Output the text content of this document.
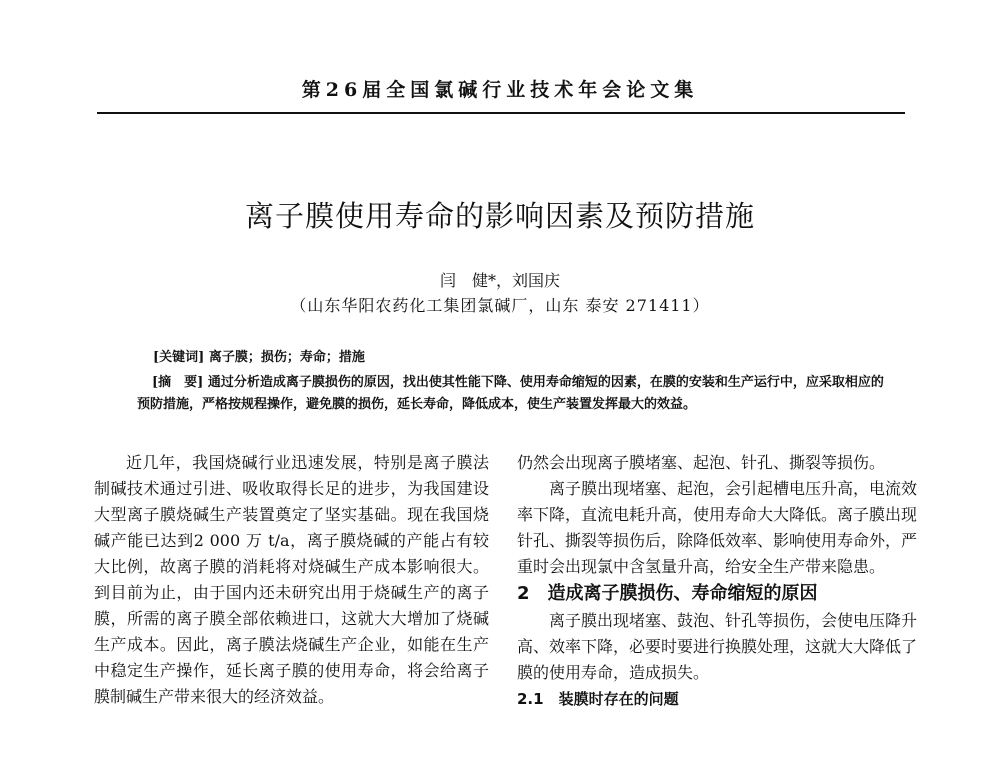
第26届全国氯碱行业技术年会论文集
离子膜使用寿命的影响因素及预防措施
闫　健*，刘国庆
（山东华阳农药化工集团氯碱厂，山东 泰安 271411）
[关键词] 离子膜；损伤；寿命；措施
[摘　要] 通过分析造成离子膜损伤的原因，找出使其性能下降、使用寿命缩短的因素，在膜的安装和生产运行中，应采取相应的预防措施，严格按规程操作，避免膜的损伤，延长寿命，降低成本，使生产装置发挥最大的效益。

近几年，我国烧碱行业迅速发展，特别是离子膜法制碱技术通过引进、吸收取得长足的进步，为我国建设大型离子膜烧碱生产装置奠定了坚实基础。现在我国烧碱产能已达到2 000 万 t/a，离子膜烧碱的产能占有较大比例，故离子膜的消耗将对烧碱生产成本影响很大。到目前为止，由于国内还未研究出用于烧碱生产的离子膜，所需的离子膜全部依赖进口，这就大大增加了烧碱生产成本。因此，离子膜法烧碱生产企业，如能在生产中稳定生产操作，延长离子膜的使用寿命，将会给离子膜制碱生产带来很大的经济效益。

仍然会出现离子膜堵塞、起泡、针孔、撕裂等损伤。

离子膜出现堵塞、起泡，会引起槽电压升高，电流效率下降，直流电耗升高，使用寿命大大降低。离子膜出现针孔、撕裂等损伤后，除降低效率、影响使用寿命外，严重时会出现氯中含氢量升高，给安全生产带来隐患。

2　造成离子膜损伤、寿命缩短的原因

离子膜出现堵塞、鼓泡、针孔等损伤，会使电压降升高、效率下降，必要时要进行换膜处理，这就大大降低了膜的使用寿命，造成损失。

2.1　装膜时存在的问题
